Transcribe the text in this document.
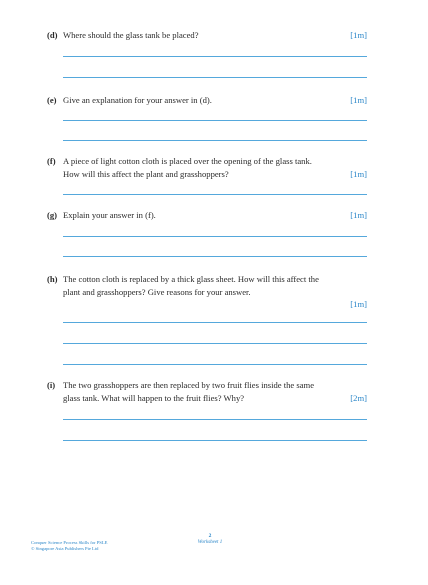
(d) Where should the glass tank be placed?	[1m]
(e) Give an explanation for your answer in (d).	[1m]
(f) A piece of light cotton cloth is placed over the opening of the glass tank.
How will this affect the plant and grasshoppers?	[1m]
(g) Explain your answer in (f).	[1m]
(h) The cotton cloth is replaced by a thick glass sheet. How will this affect the
plant and grasshoppers? Give reasons for your answer.
[1m]
(i) The two grasshoppers are then replaced by two fruit flies inside the same
glass tank. What will happen to the fruit flies? Why?	[2m]
Conquer Science Process Skills for PSLE
© Singapore Asia Publishers Pte Ltd
2
Worksheet 1
